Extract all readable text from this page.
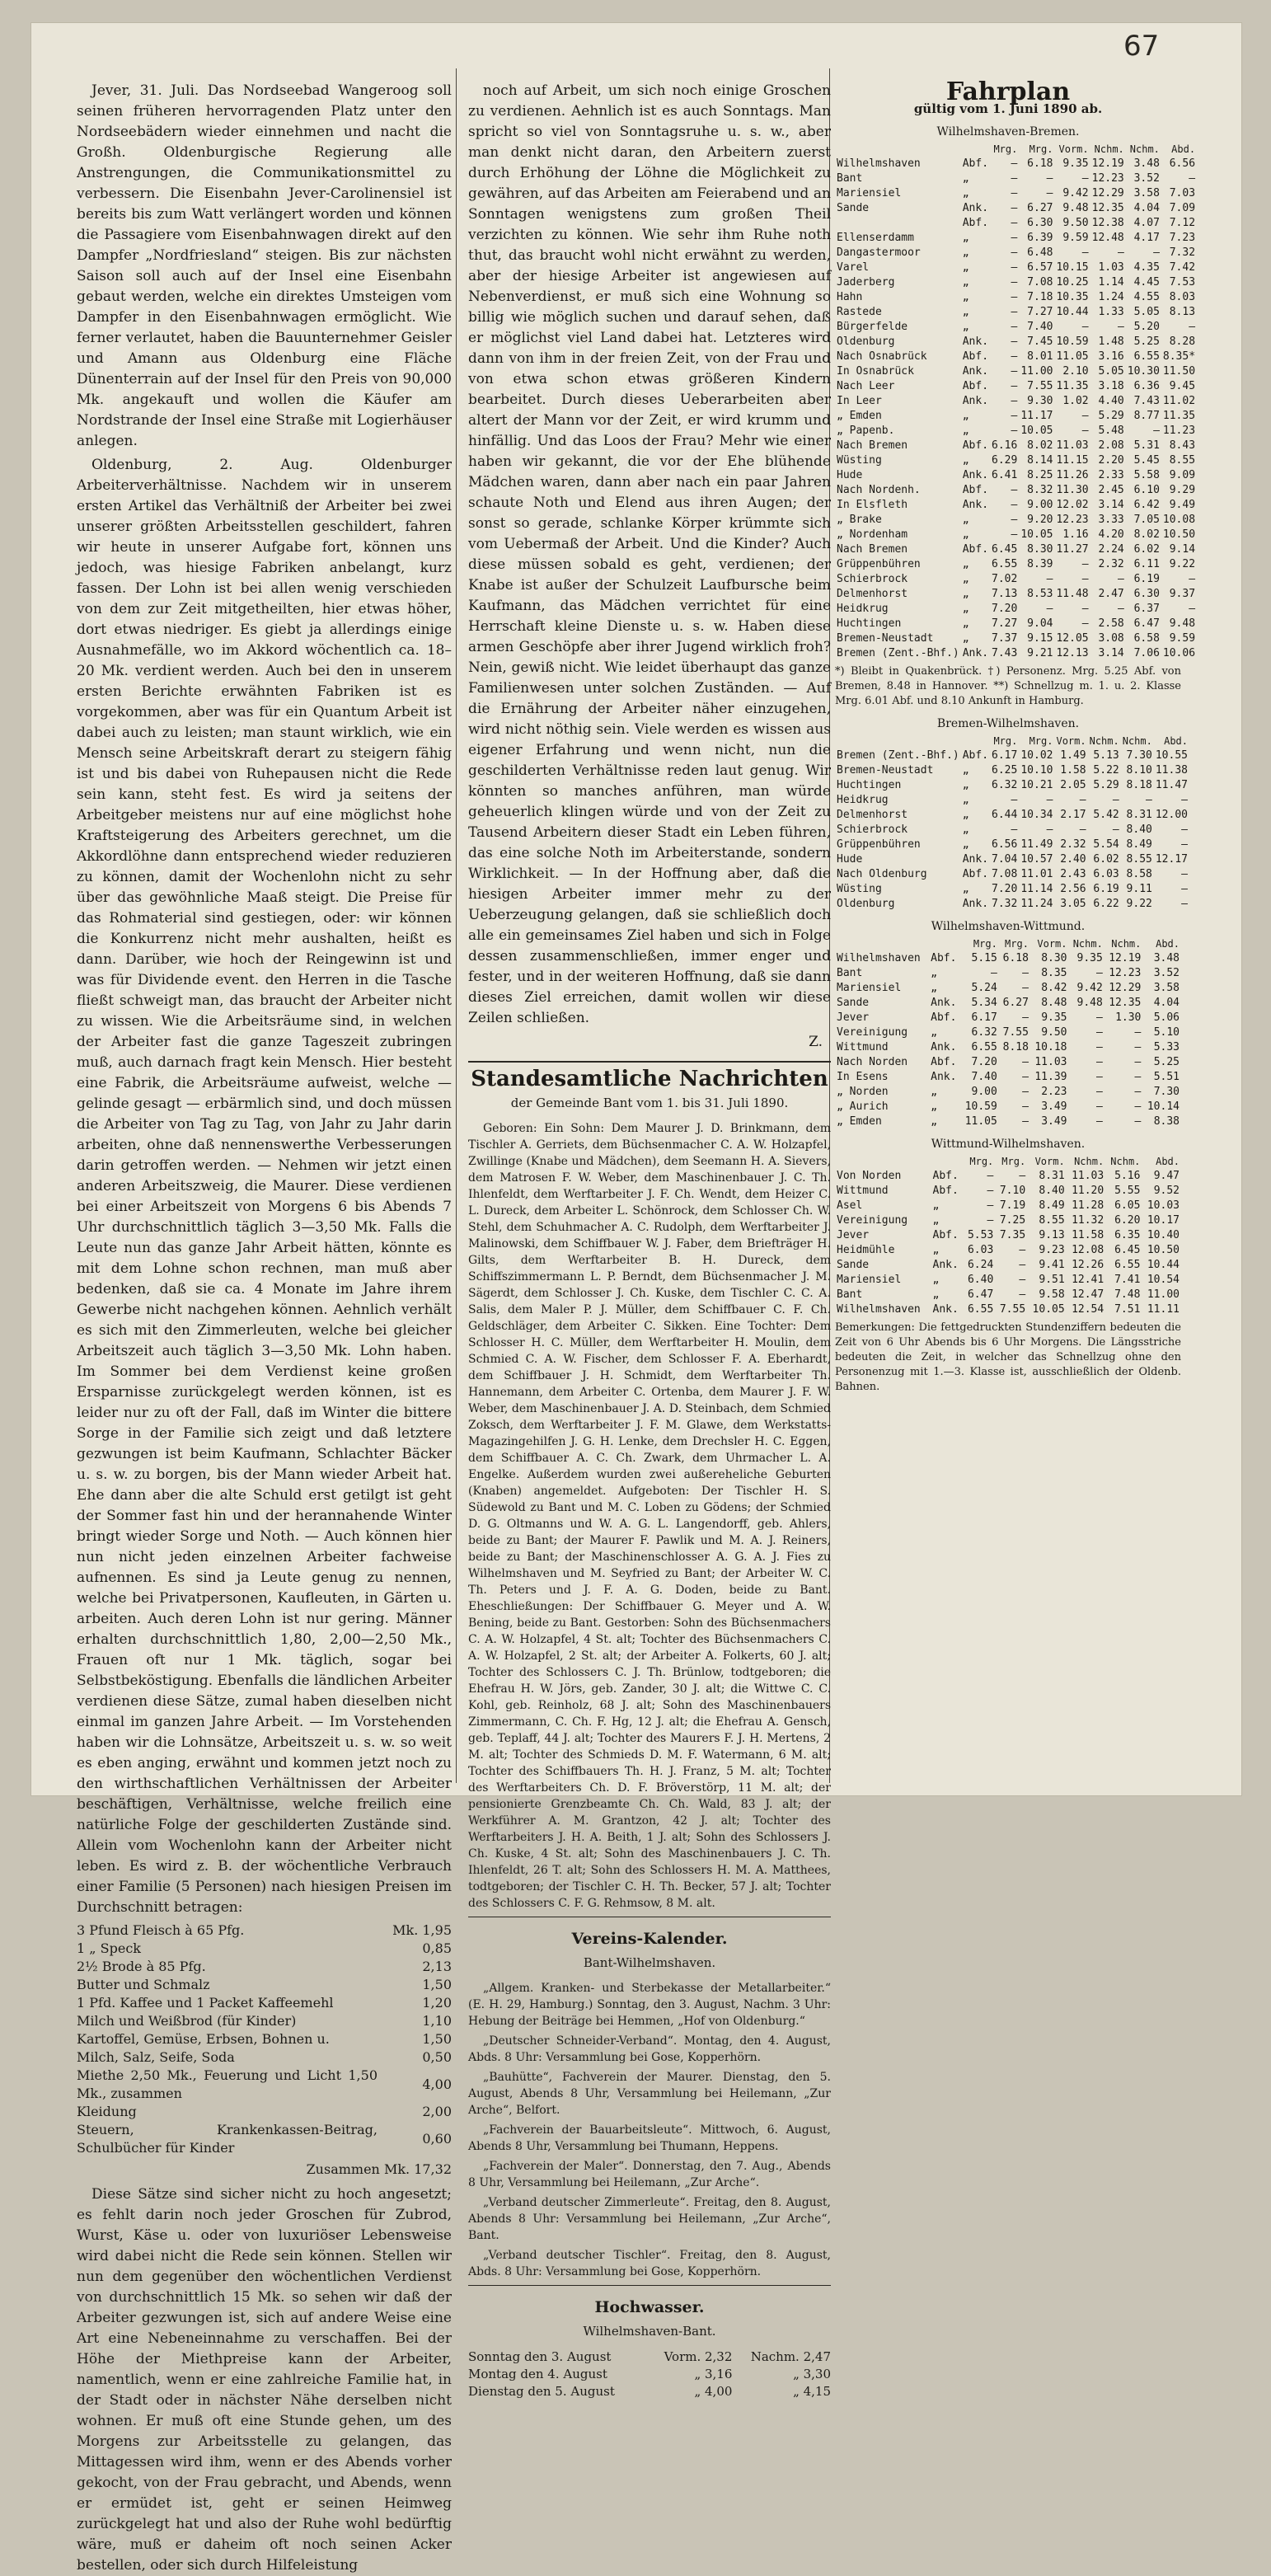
67

Jever, 31. Juli. Das Nordseebad Wangeroog soll seinen früheren hervorragenden Platz unter den Nordseebädern wieder einnehmen und nacht die Großh. Oldenburgische Regierung alle Anstrengungen, die Communikationsmittel zu verbessern. Die Eisenbahn Jever-Carolinensiel ist bereits bis zum Watt verlängert worden und können die Passagiere vom Eisenbahnwagen direkt auf den Dampfer „Nordfriesland“ steigen. Bis zur nächsten Saison soll auch auf der Insel eine Eisenbahn gebaut werden, welche ein direktes Umsteigen vom Dampfer in den Eisenbahnwagen ermöglicht. Wie ferner verlautet, haben die Bauunternehmer Geisler und Amann aus Oldenburg eine Fläche Dünenterrain auf der Insel für den Preis von 90,000 Mk. angekauft und wollen die Käufer am Nordstrande der Insel eine Straße mit Logierhäuser anlegen.

Oldenburg, 2. Aug. Oldenburger Arbeiterverhältnisse. Nachdem wir in unserem ersten Artikel das Verhältniß der Arbeiter bei zwei unserer größten Arbeitsstellen geschildert, fahren wir heute in unserer Aufgabe fort, können uns jedoch, was hiesige Fabriken anbelangt, kurz fassen. Der Lohn ist bei allen wenig verschieden von dem zur Zeit mitgetheilten, hier etwas höher, dort etwas niedriger. Es giebt ja allerdings einige Ausnahmefälle, wo im Akkord wöchentlich ca. 18–20 Mk. verdient werden. Auch bei den in unserem ersten Berichte erwähnten Fabriken ist es vorgekommen, aber was für ein Quantum Arbeit ist dabei auch zu leisten; man staunt wirklich, wie ein Mensch seine Arbeitskraft derart zu steigern fähig ist und bis dabei von Ruhepausen nicht die Rede sein kann, steht fest. Es wird ja seitens der Arbeitgeber meistens nur auf eine möglichst hohe Kraftsteigerung des Arbeiters gerechnet, um die Akkordlöhne dann entsprechend wieder reduzieren zu können, damit der Wochenlohn nicht zu sehr über das gewöhnliche Maaß steigt. Die Preise für das Rohmaterial sind gestiegen, oder: wir können die Konkurrenz nicht mehr aushalten, heißt es dann. Darüber, wie hoch der Reingewinn ist und was für Dividende event. den Herren in die Tasche fließt schweigt man, das braucht der Arbeiter nicht zu wissen. Wie die Arbeitsräume sind, in welchen der Arbeiter fast die ganze Tageszeit zubringen muß, auch darnach fragt kein Mensch. Hier besteht eine Fabrik, die Arbeitsräume aufweist, welche — gelinde gesagt — erbärmlich sind, und doch müssen die Arbeiter von Tag zu Tag, von Jahr zu Jahr darin arbeiten, ohne daß nennenswerthe Verbesserungen darin getroffen werden. — Nehmen wir jetzt einen anderen Arbeitszweig, die Maurer. Diese verdienen bei einer Arbeitszeit von Morgens 6 bis Abends 7 Uhr durchschnittlich täglich 3—3,50 Mk. Falls die Leute nun das ganze Jahr Arbeit hätten, könnte es mit dem Lohne schon rechnen, man muß aber bedenken, daß sie ca. 4 Monate im Jahre ihrem Gewerbe nicht nachgehen können. Aehnlich verhält es sich mit den Zimmerleuten, welche bei gleicher Arbeitszeit auch täglich 3—3,50 Mk. Lohn haben. Im Sommer bei dem Verdienst keine großen Ersparnisse zurückgelegt werden können, ist es leider nur zu oft der Fall, daß im Winter die bittere Sorge in der Familie sich zeigt und daß letztere gezwungen ist beim Kaufmann, Schlachter Bäcker u. s. w. zu borgen, bis der Mann wieder Arbeit hat. Ehe dann aber die alte Schuld erst getilgt ist geht der Sommer fast hin und der herannahende Winter bringt wieder Sorge und Noth. — Auch können hier nun nicht jeden einzelnen Arbeiter fachweise aufnennen. Es sind ja Leute genug zu nennen, welche bei Privatpersonen, Kaufleuten, in Gärten u. arbeiten. Auch deren Lohn ist nur gering. Männer erhalten durchschnittlich 1,80, 2,00—2,50 Mk., Frauen oft nur 1 Mk. täglich, sogar bei Selbstbeköstigung. Ebenfalls die ländlichen Arbeiter verdienen diese Sätze, zumal haben dieselben nicht einmal im ganzen Jahre Arbeit. — Im Vorstehenden haben wir die Lohnsätze, Arbeitszeit u. s. w. so weit es eben anging, erwähnt und kommen jetzt noch zu den wirthschaftlichen Verhältnissen der Arbeiter beschäftigen, Verhältnisse, welche freilich eine natürliche Folge der geschilderten Zustände sind. Allein vom Wochenlohn kann der Arbeiter nicht leben. Es wird z. B. der wöchentliche Verbrauch einer Familie (5 Personen) nach hiesigen Preisen im Durchschnitt betragen:

3 Pfund Fleisch à 65 Pfg.	Mk. 1,95
1 „ Speck	0,85
2½ Brode à 85 Pfg.	2,13
Butter und Schmalz	1,50
1 Pfd. Kaffee und 1 Packet Kaffeemehl	1,20
Milch und Weißbrod (für Kinder)	1,10
Kartoffel, Gemüse, Erbsen, Bohnen u.	1,50
Milch, Salz, Seife, Soda	0,50
Miethe 2,50 Mk., Feuerung und Licht 1,50 Mk., zusammen	4,00
Kleidung	2,00
Steuern, Krankenkassen-Beitrag, Schulbücher für Kinder	0,60
Zusammen Mk. 17,32

Diese Sätze sind sicher nicht zu hoch angesetzt; es fehlt darin noch jeder Groschen für Zubrod, Wurst, Käse u. oder von luxuriöser Lebensweise wird dabei nicht die Rede sein können. Stellen wir nun dem gegenüber den wöchentlichen Verdienst von durchschnittlich 15 Mk. so sehen wir daß der Arbeiter gezwungen ist, sich auf andere Weise eine Art eine Nebeneinnahme zu verschaffen. Bei der Höhe der Miethpreise kann der Arbeiter, namentlich, wenn er eine zahlreiche Familie hat, in der Stadt oder in nächster Nähe derselben nicht wohnen. Er muß oft eine Stunde gehen, um des Morgens zur Arbeitsstelle zu gelangen, das Mittagessen wird ihm, wenn er des Abends vorher gekocht, von der Frau gebracht, und Abends, wenn er ermüdet ist, geht er seinen Heimweg zurückgelegt hat und also der Ruhe wohl bedürftig wäre, muß er daheim oft noch seinen Acker bestellen, oder sich durch Hilfeleistung

noch auf Arbeit, um sich noch einige Groschen zu verdienen. Aehnlich ist es auch Sonntags. Man spricht so viel von Sonntagsruhe u. s. w., aber man denkt nicht daran, den Arbeitern zuerst durch Erhöhung der Löhne die Möglichkeit zu gewähren, auf das Arbeiten am Feierabend und an Sonntagen wenigstens zum großen Theil verzichten zu können. Wie sehr ihm Ruhe noth thut, das braucht wohl nicht erwähnt zu werden, aber der hiesige Arbeiter ist angewiesen auf Nebenverdienst, er muß sich eine Wohnung so billig wie möglich suchen und darauf sehen, daß er möglichst viel Land dabei hat. Letzteres wird dann von ihm in der freien Zeit, von der Frau und von etwa schon etwas größeren Kindern bearbeitet. Durch dieses Ueberarbeiten aber altert der Mann vor der Zeit, er wird krumm und hinfällig. Und das Loos der Frau? Mehr wie einer haben wir gekannt, die vor der Ehe blühende Mädchen waren, dann aber nach ein paar Jahren schaute Noth und Elend aus ihren Augen; der sonst so gerade, schlanke Körper krümmte sich vom Uebermaß der Arbeit. Und die Kinder? Auch diese müssen sobald es geht, verdienen; der Knabe ist außer der Schulzeit Laufbursche beim Kaufmann, das Mädchen verrichtet für eine Herrschaft kleine Dienste u. s. w. Haben diese armen Geschöpfe aber ihrer Jugend wirklich froh? Nein, gewiß nicht. Wie leidet überhaupt das ganze Familienwesen unter solchen Zuständen. — Auf die Ernährung der Arbeiter näher einzugehen, wird nicht nöthig sein. Viele werden es wissen aus eigener Erfahrung und wenn nicht, nun die geschilderten Verhältnisse reden laut genug. Wir könnten so manches anführen, man würde geheuerlich klingen würde und von der Zeit zu Tausend Arbeitern dieser Stadt ein Leben führen, das eine solche Noth im Arbeiterstande, sondern Wirklichkeit. — In der Hoffnung aber, daß die hiesigen Arbeiter immer mehr zu der Ueberzeugung gelangen, daß sie schließlich doch alle ein gemeinsames Ziel haben und sich in Folge dessen zusammenschließen, immer enger und fester, und in der weiteren Hoffnung, daß sie dann dieses Ziel erreichen, damit wollen wir diese Zeilen schließen.

Z.
Standesamtliche Nachrichten
der Gemeinde Bant vom 1. bis 31. Juli 1890.

Geboren: Ein Sohn: Dem Maurer J. D. Brinkmann, dem Tischler A. Gerriets, dem Büchsenmacher C. A. W. Holzapfel, Zwillinge (Knabe und Mädchen), dem Seemann H. A. Sievers, dem Matrosen F. W. Weber, dem Maschinenbauer J. C. Th. Ihlenfeldt, dem Werftarbeiter J. F. Ch. Wendt, dem Heizer C. L. Dureck, dem Arbeiter L. Schönrock, dem Schlosser Ch. W. Stehl, dem Schuhmacher A. C. Rudolph, dem Werftarbeiter J. Malinowski, dem Schiffbauer W. J. Faber, dem Briefträger H. Gilts, dem Werftarbeiter B. H. Dureck, dem Schiffszimmermann L. P. Berndt, dem Büchsenmacher J. M. Sägerdt, dem Schlosser J. Ch. Kuske, dem Tischler C. C. A. Salis, dem Maler P. J. Müller, dem Schiffbauer C. F. Ch. Geldschläger, dem Arbeiter C. Sikken. Eine Tochter: Dem Schlosser H. C. Müller, dem Werftarbeiter H. Moulin, dem Schmied C. A. W. Fischer, dem Schlosser F. A. Eberhardt, dem Schiffbauer J. H. Schmidt, dem Werftarbeiter Th. Hannemann, dem Arbeiter C. Ortenba, dem Maurer J. F. W. Weber, dem Maschinenbauer J. A. D. Steinbach, dem Schmied Zoksch, dem Werftarbeiter J. F. M. Glawe, dem Werkstatts-Magazingehilfen J. G. H. Lenke, dem Drechsler H. C. Eggen, dem Schiffbauer A. C. Ch. Zwark, dem Uhrmacher L. A. Engelke. Außerdem wurden zwei außereheliche Geburten (Knaben) angemeldet. Aufgeboten: Der Tischler H. S. Südewold zu Bant und M. C. Loben zu Gödens; der Schmied D. G. Oltmanns und W. A. G. L. Langendorff, geb. Ahlers, beide zu Bant; der Maurer F. Pawlik und M. A. J. Reiners, beide zu Bant; der Maschinenschlosser A. G. A. J. Fies zu Wilhelmshaven und M. Seyfried zu Bant; der Arbeiter W. C. Th. Peters und J. F. A. G. Doden, beide zu Bant. Eheschließungen: Der Schiffbauer G. Meyer und A. W. Bening, beide zu Bant. Gestorben: Sohn des Büchsenmachers C. A. W. Holzapfel, 4 St. alt; Tochter des Büchsenmachers C. A. W. Holzapfel, 2 St. alt; der Arbeiter A. Folkerts, 60 J. alt; Tochter des Schlossers C. J. Th. Brünlow, todtgeboren; die Ehefrau H. W. Jörs, geb. Zander, 30 J. alt; die Wittwe C. C. Kohl, geb. Reinholz, 68 J. alt; Sohn des Maschinenbauers Zimmermann, C. Ch. F. Hg, 12 J. alt; die Ehefrau A. Gensch, geb. Teplaff, 44 J. alt; Tochter des Maurers F. J. H. Mertens, 2 M. alt; Tochter des Schmieds D. M. F. Watermann, 6 M. alt; Tochter des Schiffbauers Th. H. J. Franz, 5 M. alt; Tochter des Werftarbeiters Ch. D. F. Bröverstörp, 11 M. alt; der pensionierte Grenzbeamte Ch. Ch. Wald, 83 J. alt; der Werkführer A. M. Grantzon, 42 J. alt; Tochter des Werftarbeiters J. H. A. Beith, 1 J. alt; Sohn des Schlossers J. Ch. Kuske, 4 St. alt; Sohn des Maschinenbauers J. C. Th. Ihlenfeldt, 26 T. alt; Sohn des Schlossers H. M. A. Matthees, todtgeboren; der Tischler C. H. Th. Becker, 57 J. alt; Tochter des Schlossers C. F. G. Rehmsow, 8 M. alt.

Vereins-Kalender.
Bant-Wilhelmshaven.

„Allgem. Kranken- und Sterbekasse der Metallarbeiter.“ (E. H. 29, Hamburg.) Sonntag, den 3. August, Nachm. 3 Uhr: Hebung der Beiträge bei Hemmen, „Hof von Oldenburg.“

„Deutscher Schneider-Verband“. Montag, den 4. August, Abds. 8 Uhr: Versammlung bei Gose, Kopperhörn.

„Bauhütte“, Fachverein der Maurer. Dienstag, den 5. August, Abends 8 Uhr, Versammlung bei Heilemann, „Zur Arche“, Belfort.

„Fachverein der Bauarbeitsleute“. Mittwoch, 6. August, Abends 8 Uhr, Versammlung bei Thumann, Heppens.

„Fachverein der Maler“. Donnerstag, den 7. Aug., Abends 8 Uhr, Versammlung bei Heilemann, „Zur Arche“.

„Verband deutscher Zimmerleute“. Freitag, den 8. August, Abends 8 Uhr: Versammlung bei Heilemann, „Zur Arche“, Bant.

„Verband deutscher Tischler“. Freitag, den 8. August, Abds. 8 Uhr: Versammlung bei Gose, Kopperhörn.

Hochwasser.
Wilhelmshaven-Bant.
Sonntag den 3. August	Vorm. 2,32	Nachm. 2,47
Montag den 4. August	„ 3,16	„ 3,30
Dienstag den 5. August	„ 4,00	„ 4,15
Fahrplan
gültig vom 1. Juni 1890 ab.
Wilhelmshaven-Bremen.
		Mrg.	Mrg.	Vorm.	Nchm.	Nchm.	Abd.
Wilhelmshaven	Abf.	—	6.18	9.35	12.19	3.48	6.56
Bant	„	—	—	—	12.23	3.52	—
Mariensiel	„	—	—	9.42	12.29	3.58	7.03
Sande	Ank.	—	6.27	9.48	12.35	4.04	7.09
	Abf.	—	6.30	9.50	12.38	4.07	7.12
Ellenserdamm	„	—	6.39	9.59	12.48	4.17	7.23
Dangastermoor	„	—	6.48	—	—	—	7.32
Varel	„	—	6.57	10.15	1.03	4.35	7.42
Jaderberg	„	—	7.08	10.25	1.14	4.45	7.53
Hahn	„	—	7.18	10.35	1.24	4.55	8.03
Rastede	„	—	7.27	10.44	1.33	5.05	8.13
Bürgerfelde	„	—	7.40	—	—	5.20	—
Oldenburg	Ank.	—	7.45	10.59	1.48	5.25	8.28
Nach Osnabrück	Abf.	—	8.01	11.05	3.16	6.55	8.35*
In Osnabrück	Ank.	—	11.00	2.10	5.05	10.30	11.50
Nach Leer	Abf.	—	7.55	11.35	3.18	6.36	9.45
In Leer	Ank.	—	9.30	1.02	4.40	7.43	11.02
„ Emden	„	—	11.17	—	5.29	8.77	11.35
„ Papenb.	„	—	10.05	—	5.48	—	11.23
Nach Bremen	Abf.	6.16	8.02	11.03	2.08	5.31	8.43
Wüsting	„	6.29	8.14	11.15	2.20	5.45	8.55
Hude	Ank.	6.41	8.25	11.26	2.33	5.58	9.09
Nach Nordenh.	Abf.	—	8.32	11.30	2.45	6.10	9.29
In Elsfleth	Ank.	—	9.00	12.02	3.14	6.42	9.49
„ Brake	„	—	9.20	12.23	3.33	7.05	10.08
„ Nordenham	„	—	10.05	1.16	4.20	8.02	10.50
Nach Bremen	Abf.	6.45	8.30	11.27	2.24	6.02	9.14
Grüppenbühren	„	6.55	8.39	—	2.32	6.11	9.22
Schierbrock	„	7.02	—	—	—	6.19	—
Delmenhorst	„	7.13	8.53	11.48	2.47	6.30	9.37
Heidkrug	„	7.20	—	—	—	6.37	—
Huchtingen	„	7.27	9.04	—	2.58	6.47	9.48
Bremen-Neustadt	„	7.37	9.15	12.05	3.08	6.58	9.59
Bremen (Zent.-Bhf.)	Ank.	7.43	9.21	12.13	3.14	7.06	10.06
*) Bleibt in Quakenbrück. †) Personenz. Mrg. 5.25 Abf. von Bremen, 8.48 in Hannover. **) Schnellzug m. 1. u. 2. Klasse Mrg. 6.01 Abf. und 8.10 Ankunft in Hamburg.
Bremen-Wilhelmshaven.
		Mrg.	Mrg.	Vorm.	Nchm.	Nchm.	Abd.
Bremen (Zent.-Bhf.)	Abf.	6.17	10.02	1.49	5.13	7.30	10.55
Bremen-Neustadt	„	6.25	10.10	1.58	5.22	8.10	11.38
Huchtingen	„	6.32	10.21	2.05	5.29	8.18	11.47
Heidkrug	„	—	—	—	—	—	—
Delmenhorst	„	6.44	10.34	2.17	5.42	8.31	12.00
Schierbrock	„	—	—	—	—	8.40	—
Grüppenbühren	„	6.56	11.49	2.32	5.54	8.49	—
Hude	Ank.	7.04	10.57	2.40	6.02	8.55	12.17
Nach Oldenburg	Abf.	7.08	11.01	2.43	6.03	8.58	—
Wüsting	„	7.20	11.14	2.56	6.19	9.11	—
Oldenburg	Ank.	7.32	11.24	3.05	6.22	9.22	—
Wilhelmshaven-Wittmund.
		Mrg.	Mrg.	Vorm.	Nchm.	Nchm.	Abd.
Wilhelmshaven	Abf.	5.15	6.18	8.30	9.35	12.19	3.48
Bant	„	—	—	8.35	—	12.23	3.52
Mariensiel	„	5.24	—	8.42	9.42	12.29	3.58
Sande	Ank.	5.34	6.27	8.48	9.48	12.35	4.04
Jever	Abf.	6.17	—	9.35	—	1.30	5.06
Vereinigung	„	6.32	7.55	9.50	—	—	5.10
Wittmund	Ank.	6.55	8.18	10.18	—	—	5.33
Nach Norden	Abf.	7.20	—	11.03	—	—	5.25
In Esens	Ank.	7.40	—	11.39	—	—	5.51
„ Norden	„	9.00	—	2.23	—	—	7.30
„ Aurich	„	10.59	—	3.49	—	—	10.14
„ Emden	„	11.05	—	3.49	—	—	8.38
Wittmund-Wilhelmshaven.
		Mrg.	Mrg.	Vorm.	Nchm.	Nchm.	Abd.
Von Norden	Abf.	—	—	8.31	11.03	5.16	9.47
Wittmund	Abf.	—	7.10	8.40	11.20	5.55	9.52
Asel	„	—	7.19	8.49	11.28	6.05	10.03
Vereinigung	„	—	7.25	8.55	11.32	6.20	10.17
Jever	Abf.	5.53	7.35	9.13	11.58	6.35	10.40
Heidmühle	„	6.03	—	9.23	12.08	6.45	10.50
Sande	Ank.	6.24	—	9.41	12.26	6.55	10.44
Mariensiel	„	6.40	—	9.51	12.41	7.41	10.54
Bant	„	6.47	—	9.58	12.47	7.48	11.00
Wilhelmshaven	Ank.	6.55	7.55	10.05	12.54	7.51	11.11
Bemerkungen: Die fettgedruckten Stundenziffern bedeuten die Zeit von 6 Uhr Abends bis 6 Uhr Morgens. Die Längsstriche bedeuten die Zeit, in welcher das Schnellzug ohne den Personenzug mit 1.—3. Klasse ist, ausschließlich der Oldenb. Bahnen.
